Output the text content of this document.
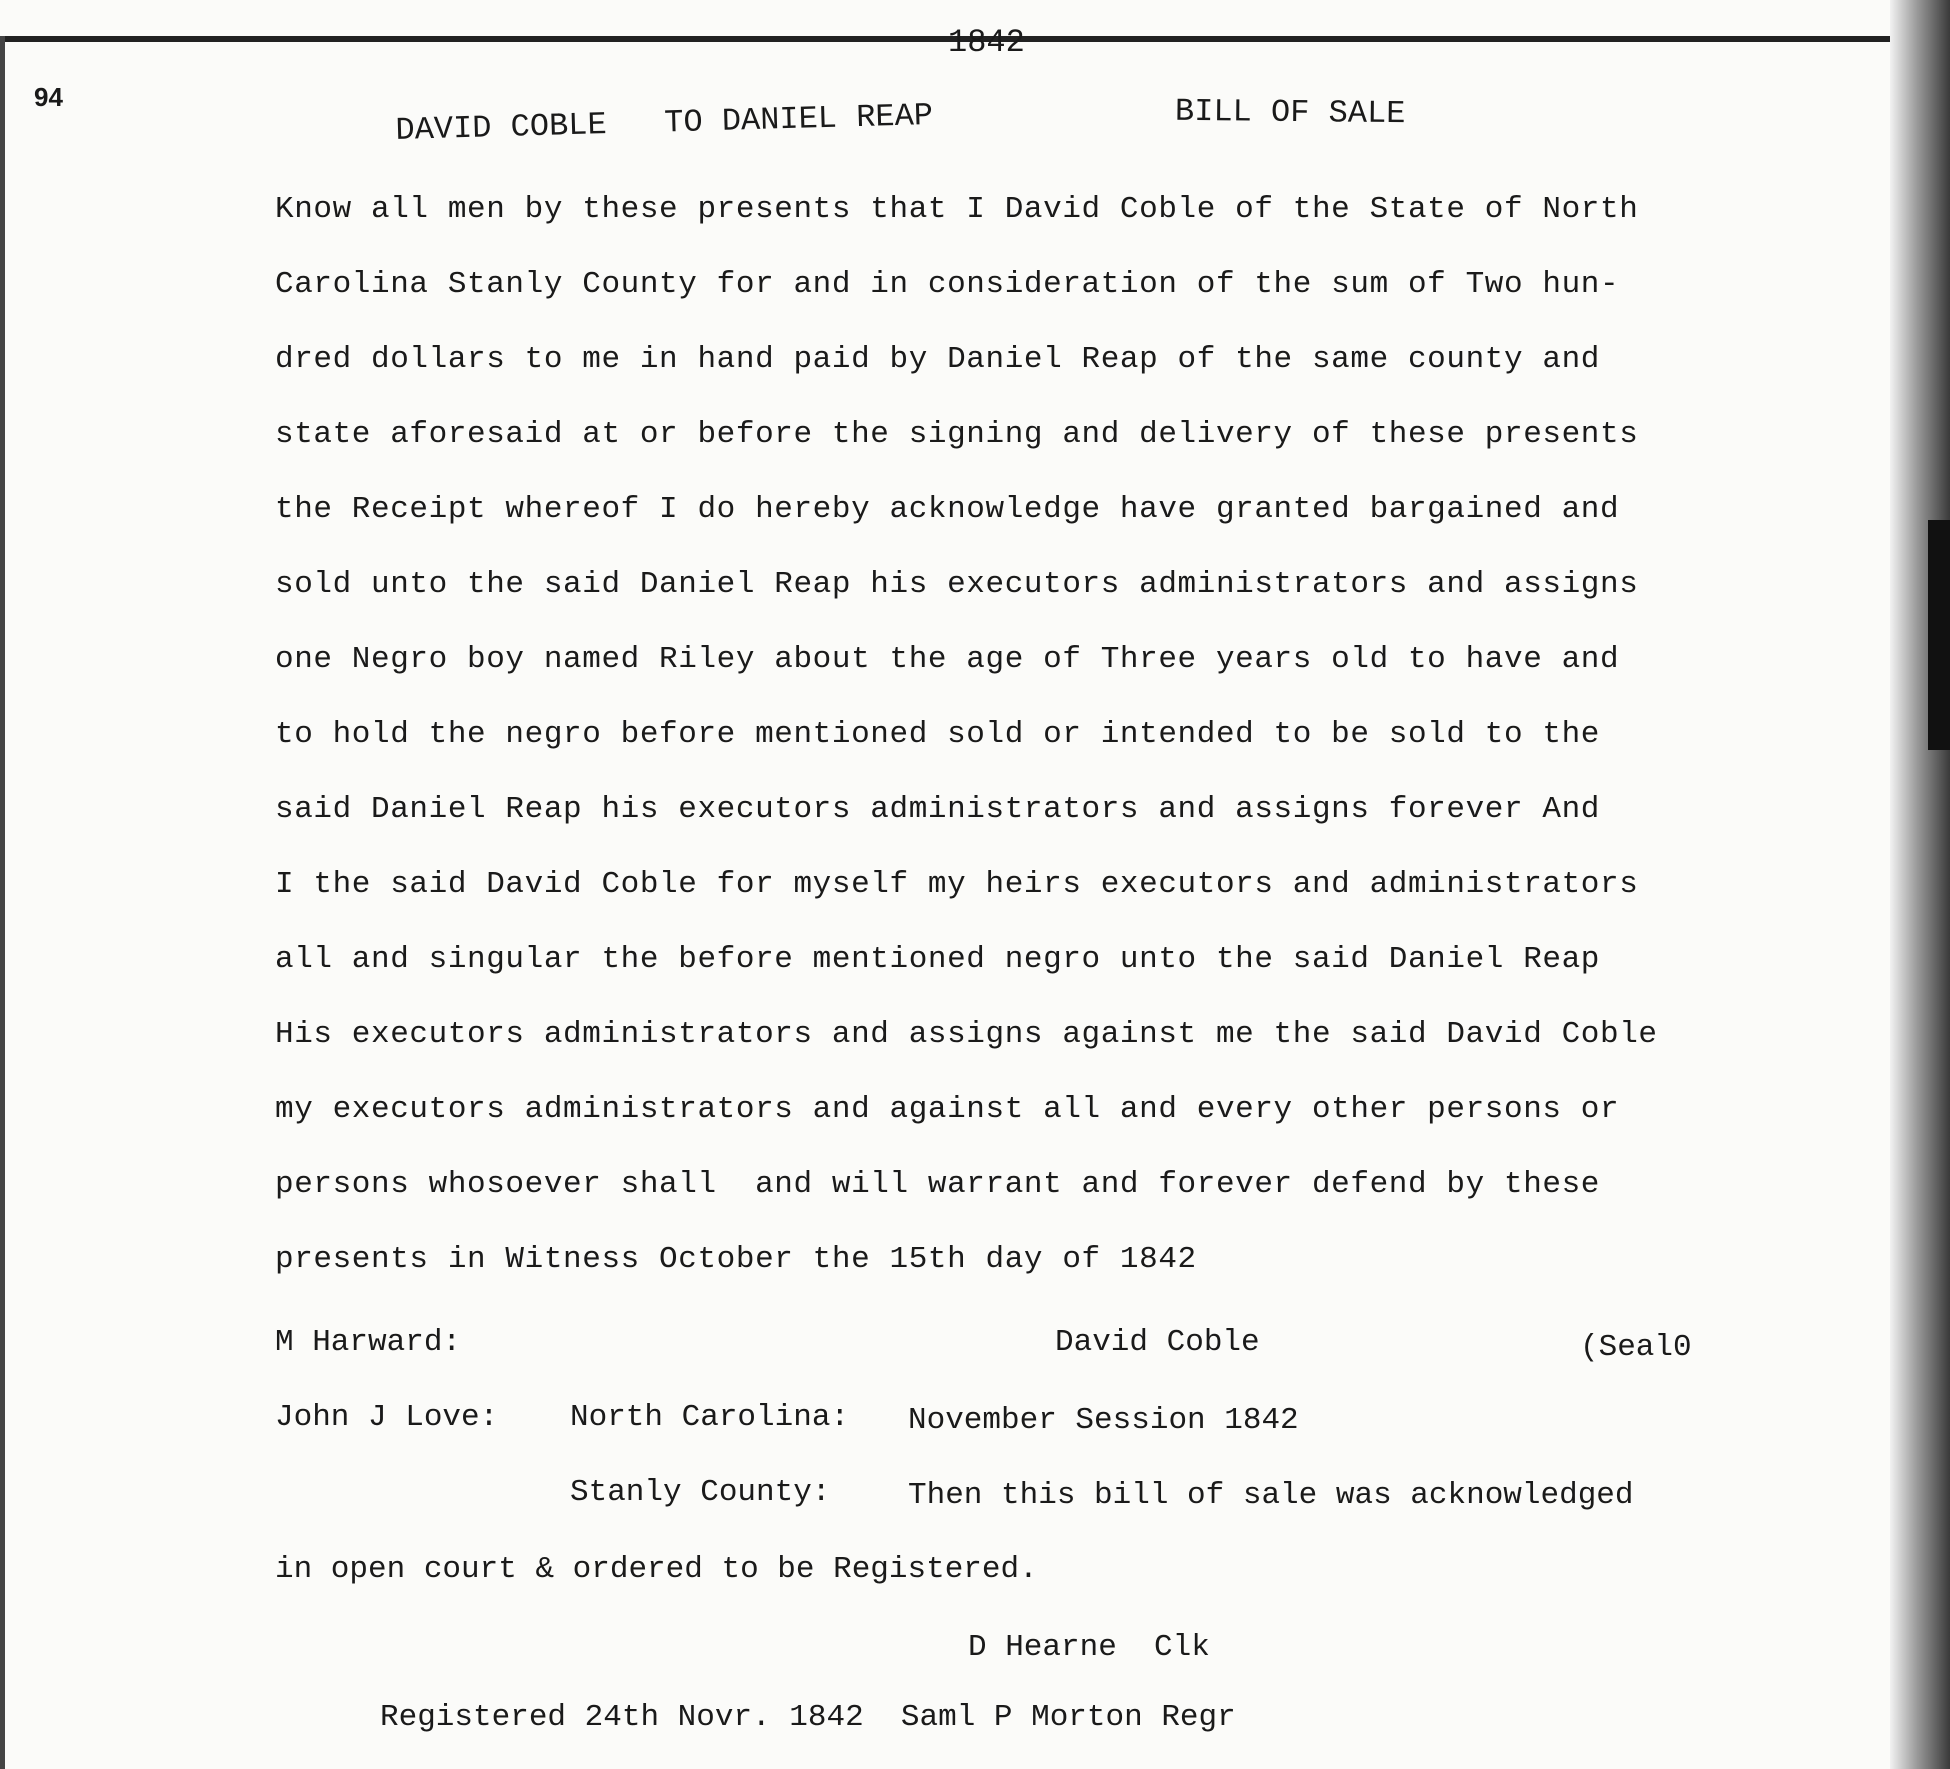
94
1842
DAVID COBLE   TO DANIEL REAP	BILL OF SALE
Know all men by these presents that I David Coble of the State of North
Carolina Stanly County for and in consideration of the sum of Two hun-
dred dollars to me in hand paid by Daniel Reap of the same county and
state aforesaid at or before the signing and delivery of these presents
the Receipt whereof I do hereby acknowledge have granted bargained and
sold unto the said Daniel Reap his executors administrators and assigns
one Negro boy named Riley about the age of Three years old to have and
to hold the negro before mentioned sold or intended to be sold to the
said Daniel Reap his executors administrators and assigns forever And
I the said David Coble for myself my heirs executors and administrators
all and singular the before mentioned negro unto the said Daniel Reap
His executors administrators and assigns against me the said David Coble
my executors administrators and against all and every other persons or
persons whosoever shall  and will warrant and forever defend by these
presents in Witness October the 15th day of 1842
M Harward:	David Coble	(Seal0
John J Love: North Carolina: November Session 1842
Stanly County:	Then this bill of sale was acknowledged
in open court & ordered to be Registered.
D Hearne  Clk
Registered 24th Novr. 1842  Saml P Morton Regr
